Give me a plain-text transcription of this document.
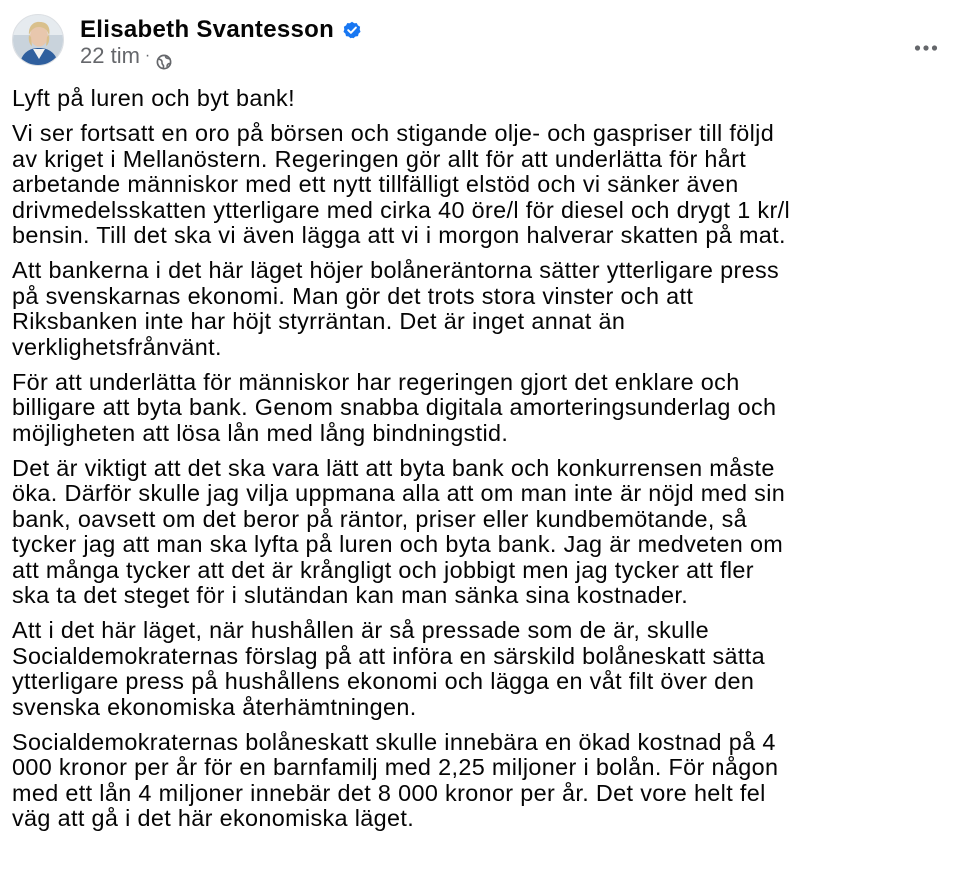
Elisabeth Svantesson
22 tim ·

Lyft på luren och byt bank!

Vi ser fortsatt en oro på börsen och stigande olje- och gaspriser till följd
av kriget i Mellanöstern. Regeringen gör allt för att underlätta för hårt
arbetande människor med ett nytt tillfälligt elstöd och vi sänker även
drivmedelsskatten ytterligare med cirka 40 öre/l för diesel och drygt 1 kr/l
bensin. Till det ska vi även lägga att vi i morgon halverar skatten på mat.

Att bankerna i det här läget höjer bolåneräntorna sätter ytterligare press
på svenskarnas ekonomi. Man gör det trots stora vinster och att
Riksbanken inte har höjt styrräntan. Det är inget annat än
verklighetsfrånvänt.

För att underlätta för människor har regeringen gjort det enklare och
billigare att byta bank. Genom snabba digitala amorteringsunderlag och
möjligheten att lösa lån med lång bindningstid.

Det är viktigt att det ska vara lätt att byta bank och konkurrensen måste
öka. Därför skulle jag vilja uppmana alla att om man inte är nöjd med sin
bank, oavsett om det beror på räntor, priser eller kundbemötande, så
tycker jag att man ska lyfta på luren och byta bank. Jag är medveten om
att många tycker att det är krångligt och jobbigt men jag tycker att fler
ska ta det steget för i slutändan kan man sänka sina kostnader.

Att i det här läget, när hushållen är så pressade som de är, skulle
Socialdemokraternas förslag på att införa en särskild bolåneskatt sätta
ytterligare press på hushållens ekonomi och lägga en våt filt över den
svenska ekonomiska återhämtningen.

Socialdemokraternas bolåneskatt skulle innebära en ökad kostnad på 4
000 kronor per år för en barnfamilj med 2,25 miljoner i bolån. För någon
med ett lån 4 miljoner innebär det 8 000 kronor per år. Det vore helt fel
väg att gå i det här ekonomiska läget.
